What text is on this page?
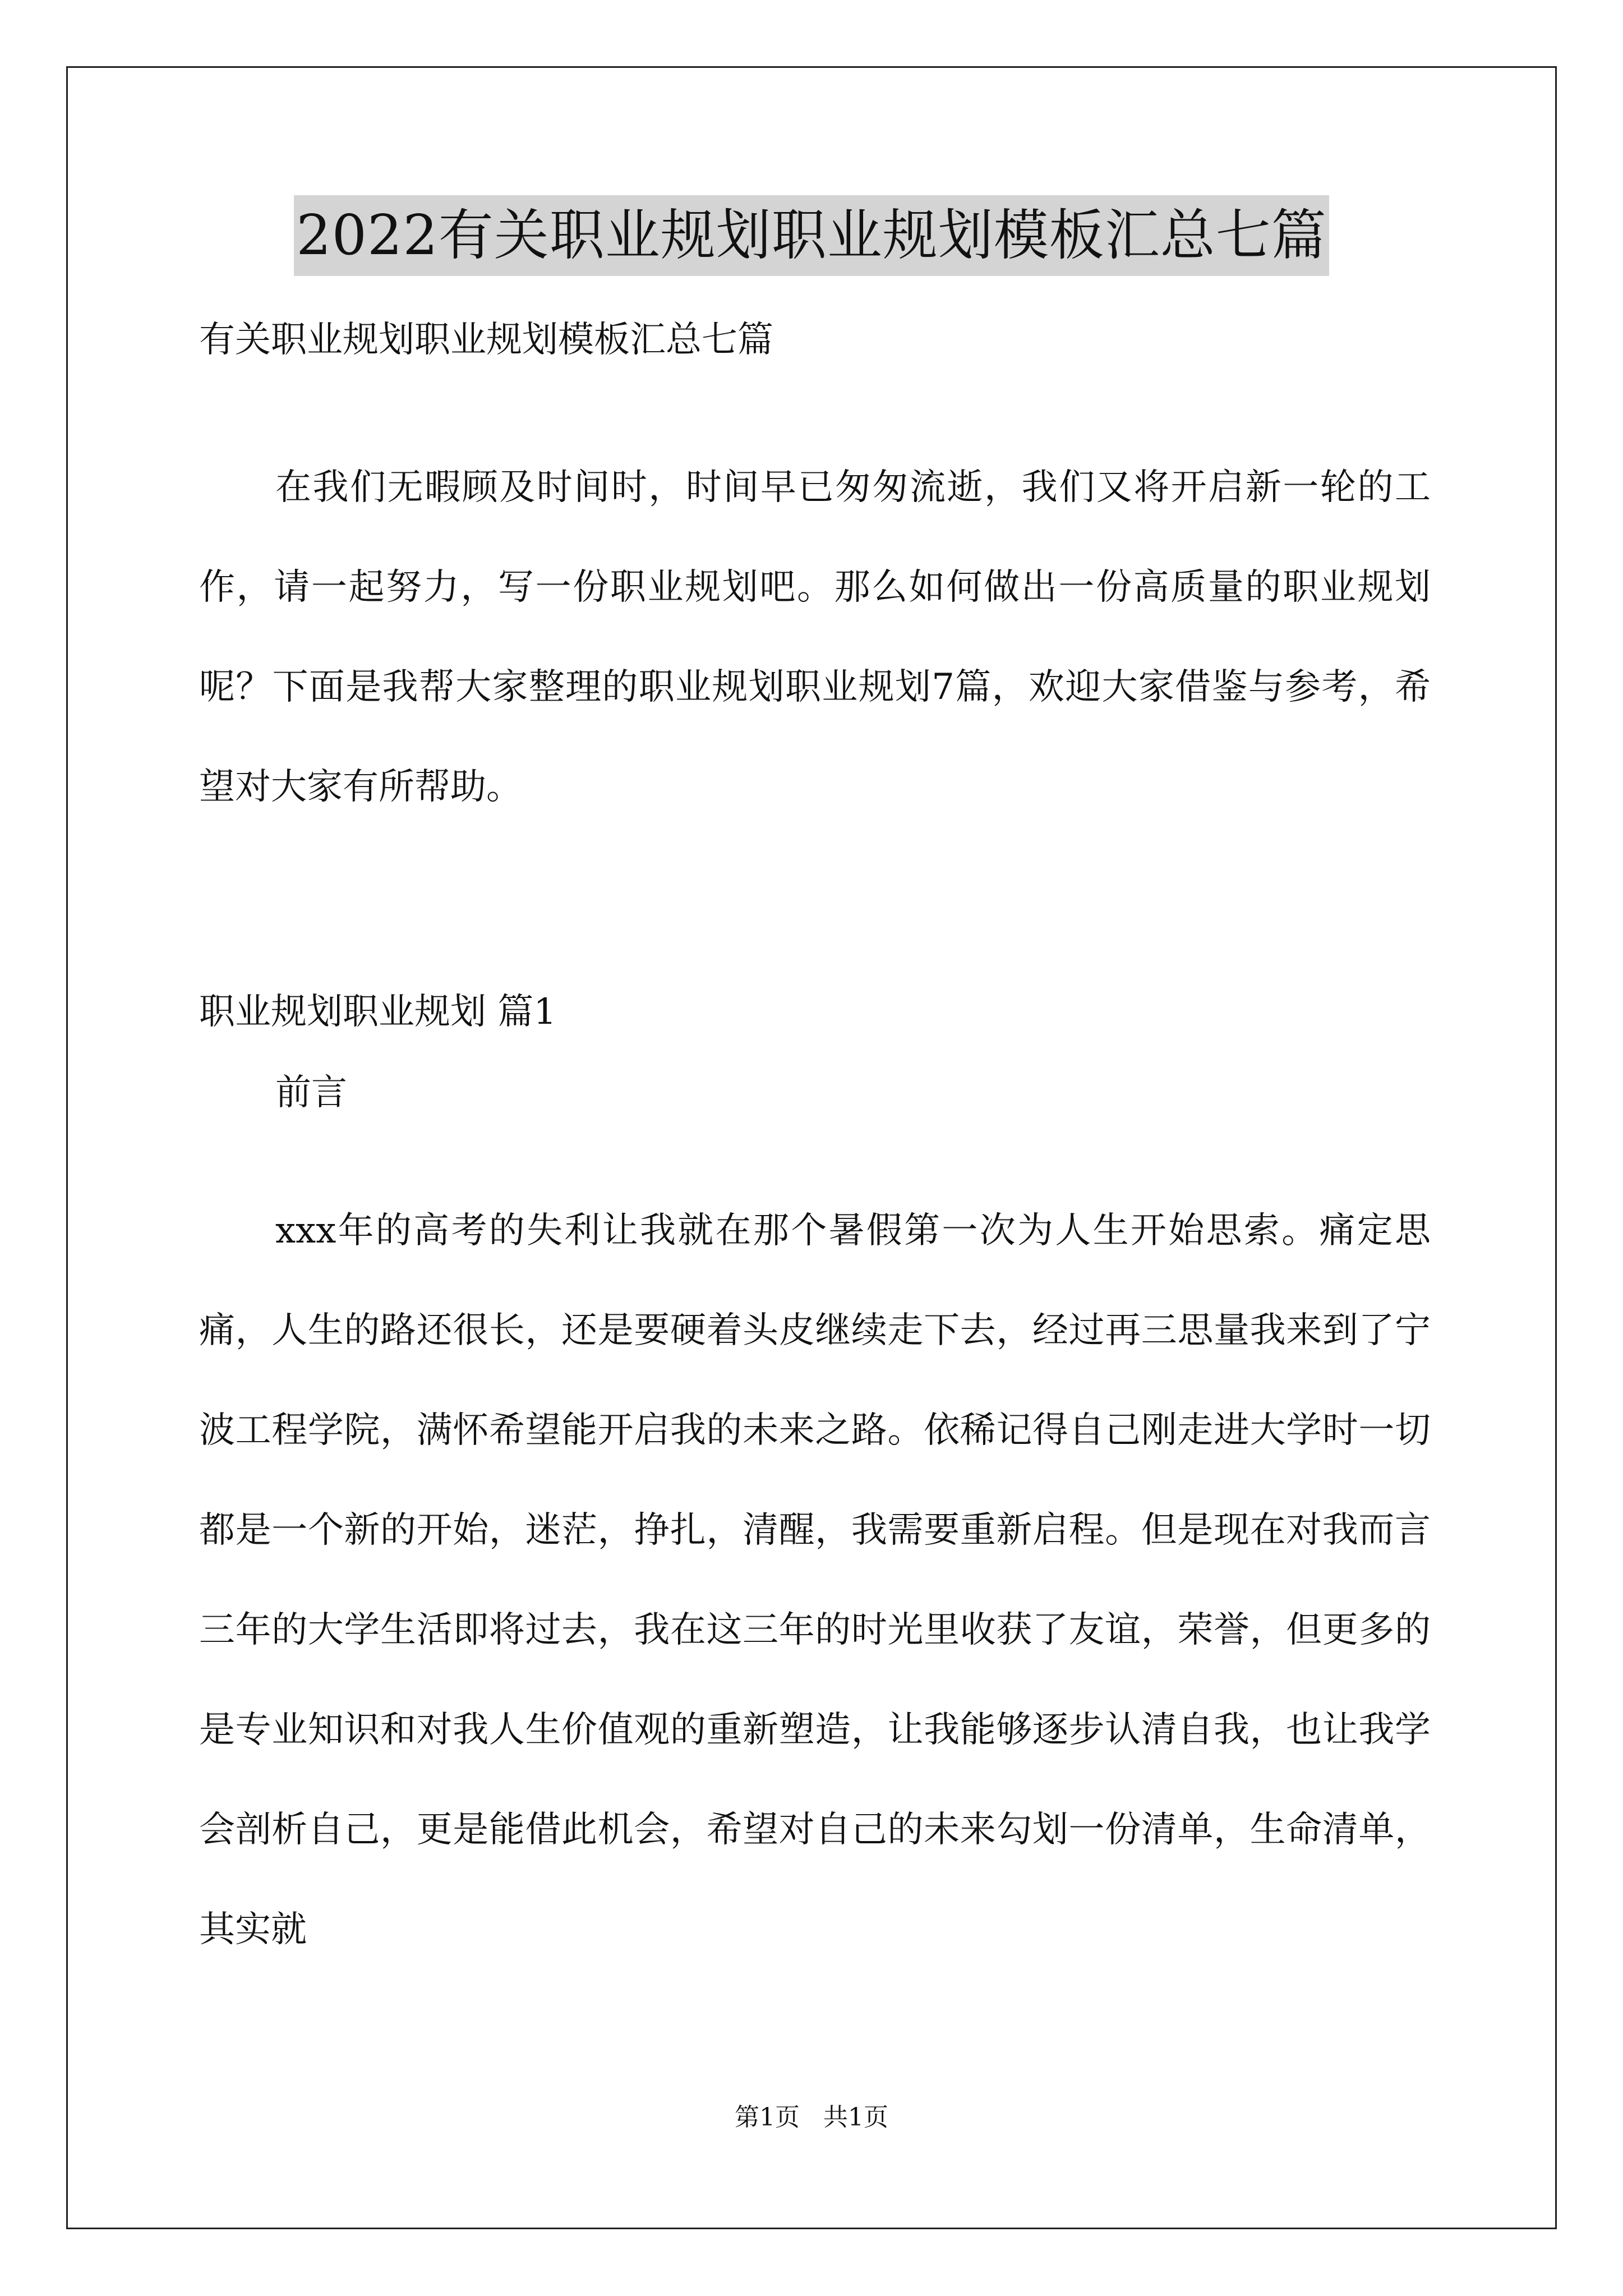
2022有关职业规划职业规划模板汇总七篇

有关职业规划职业规划模板汇总七篇

在我们无暇顾及时间时，时间早已匆匆流逝，我们又将开启新一轮的工作，请一起努力，写一份职业规划吧。那么如何做出一份高质量的职业规划呢？下面是我帮大家整理的职业规划职业规划7篇，欢迎大家借鉴与参考，希望对大家有所帮助。

职业规划职业规划 篇1

前言

xxx年的高考的失利让我就在那个暑假第一次为人生开始思索。痛定思痛，人生的路还很长，还是要硬着头皮继续走下去，经过再三思量我来到了宁波工程学院，满怀希望能开启我的未来之路。依稀记得自己刚走进大学时一切都是一个新的开始，迷茫，挣扎，清醒，我需要重新启程。但是现在对我而言三年的大学生活即将过去，我在这三年的时光里收获了友谊，荣誉，但更多的是专业知识和对我人生价值观的重新塑造，让我能够逐步认清自我，也让我学会剖析自己，更是能借此机会，希望对自己的未来勾划一份清单，生命清单，其实就

第1页   共1页
